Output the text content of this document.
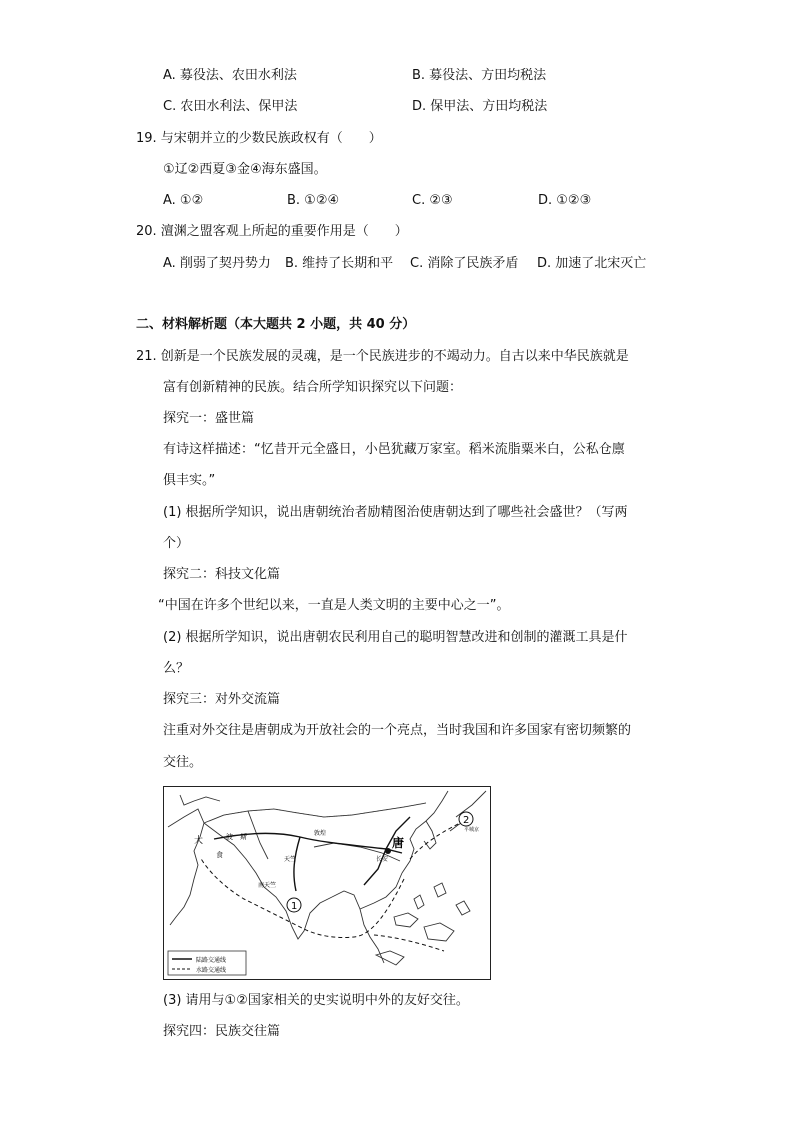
A. 募役法、农田水利法	B. 募役法、方田均税法
C. 农田水利法、保甲法	D. 保甲法、方田均税法
19. 与宋朝并立的少数民族政权有（　　）
①辽②西夏③金④海东盛国。
A. ①②	B. ①②④	C. ②③	D. ①②③
20. 澶渊之盟客观上所起的重要作用是（　　）
A. 削弱了契丹势力 B. 维持了长期和平 C. 消除了民族矛盾 D. 加速了北宋灭亡
二、材料解析题（本大题共 2 小题，共 40 分）
21. 创新是一个民族发展的灵魂，是一个民族进步的不竭动力。自古以来中华民族就是
富有创新精神的民族。结合所学知识探究以下问题：
探究一：盛世篇
有诗这样描述：“忆昔开元全盛日，小邑犹藏万家室。稻米流脂粟米白，公私仓廪
俱丰实。”
(1) 根据所学知识，说出唐朝统治者励精图治使唐朝达到了哪些社会盛世？（写两
个）
探究二：科技文化篇
“中国在许多个世纪以来，一直是人类文明的主要中心之一”。
(2) 根据所学知识，说出唐朝农民利用自己的聪明智慧改进和创制的灌溉工具是什
么？
探究三：对外交流篇
注重对外交往是唐朝成为开放社会的一个亮点，当时我国和许多国家有密切频繁的
交往。
陆路交通线
水路交通线
唐
长安
敦煌
大
食
波 斯
南天竺
天竺
平城京
1
2
(3) 请用与①②国家相关的史实说明中外的友好交往。
探究四：民族交往篇
